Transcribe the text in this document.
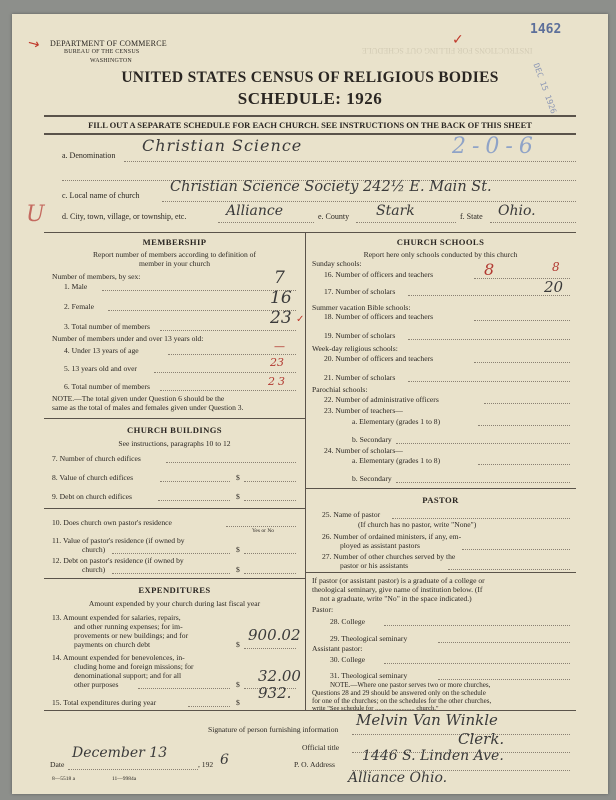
INSTRUCTIONS FOR FILLING OUT SCHEDULE
↘	✓
DEPARTMENT OF COMMERCE
BUREAU OF THE CENSUS
WASHINGTON
1462
DEC 15 1926
UNITED STATES CENSUS OF RELIGIOUS BODIES
SCHEDULE: 1926
FILL OUT A SEPARATE SCHEDULE FOR EACH CHURCH. SEE INSTRUCTIONS ON THE BACK OF THIS SHEET
a. Denomination
Christian Science	2-0-6
c. Local name of church
Christian Science Society 242½ E. Main St.
U d. City, town, village, or township, etc.	Alliance	e. County Stark	f. State Ohio.
MEMBERSHIP
Report number of members according to definition of
member in your church
Number of members, by sex:
1. Male	7
2. Female	16
3. Total number of members	23 ✓
Number of members under and over 13 years old:
4. Under 13 years of age	—
5. 13 years old and over	23
6. Total number of members	23
NOTE.—The total given under Question 6 should be the
same as the total of males and females given under Question 3.
CHURCH BUILDINGS
See instructions, paragraphs 10 to 12
7. Number of church edifices
8. Value of church edifices	$
9. Debt on church edifices	$
10. Does church own pastor's residence
Yes or No
11. Value of pastor's residence (if owned by
church)	$
12. Debt on pastor's residence (if owned by
church)	$
EXPENDITURES
Amount expended by your church during last fiscal year
13. Amount expended for salaries, repairs,
and other running expenses; for im-
provements or new buildings; and for
payments on church debt	$
900.02
14. Amount expended for benevolences, in-
cluding home and foreign missions; for
denominational support; and for all
other purposes	$ 32.00
15. Total expenditures during year	$
932.
CHURCH SCHOOLS
Report here only schools conducted by this church
Sunday schools:
16. Number of officers and teachers	8	8
17. Number of scholars	20
Summer vacation Bible schools:
18. Number of officers and teachers
19. Number of scholars
Week-day religious schools:
20. Number of officers and teachers
21. Number of scholars
Parochial schools:
22. Number of administrative officers
23. Number of teachers—
a. Elementary (grades 1 to 8)
b. Secondary
24. Number of scholars—
a. Elementary (grades 1 to 8)
b. Secondary
PASTOR
25. Name of pastor
(If church has no pastor, write "None")
26. Number of ordained ministers, if any, em-
ployed as assistant pastors
27. Number of other churches served by the
pastor or his assistants
If pastor (or assistant pastor) is a graduate of a college or
theological seminary, give name of institution below. (If
not a graduate, write "No" in the space indicated.)
Pastor:
28. College
29. Theological seminary
Assistant pastor:
30. College
31. Theological seminary
NOTE.—Where one pastor serves two or more churches,
Questions 28 and 29 should be answered only on the schedule
for one of the churches; on the schedules for the other churches,
write "See schedule for ........................ church."
Signature of person furnishing information
Melvin Van Winkle
Official title	Clerk.
P. O. Address
1446 S. Linden Ave.
Alliance Ohio.
Date
December 13
, 192 6
8—5518 a	11—9984a
